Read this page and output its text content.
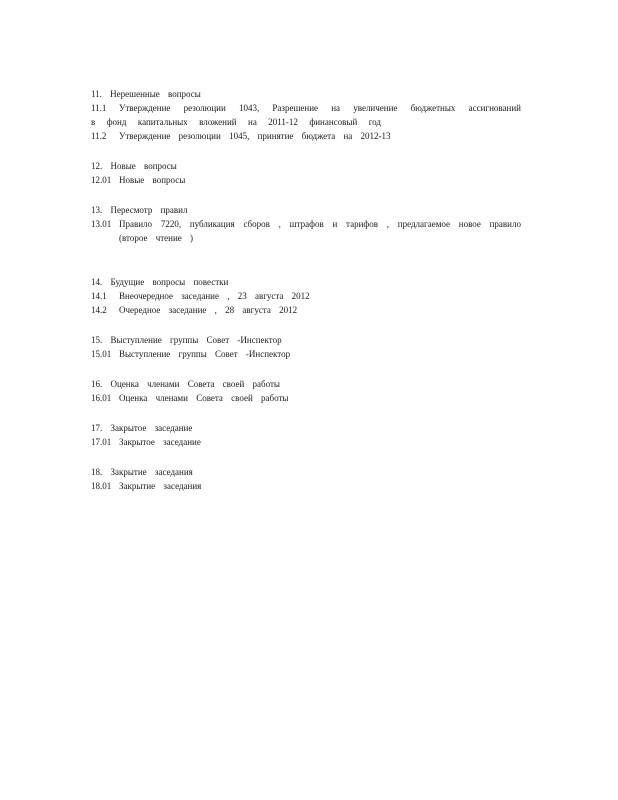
11. Нерешенные вопросы
11.1	Утверждение резолюции 1043, Разрешение на увеличение бюджетных ассигнований
в фонд капитальных вложений на 2011-12 финансовый год
11.2	Утверждение резолюции 1045, принятие бюджета на 2012-13
12. Новые вопросы
12.01 Новые вопросы
13. Пересмотр правил
13.01 Правило 7220, публикация сборов , штрафов и тарифов , предлагаемое новое правило
(второе чтение )
14. Будущие вопросы повестки
14.1	Внеочередное заседание , 23 августа 2012
14.2	Очередное заседание , 28 августа 2012
15. Выступление группы Совет -Инспектор
15.01 Выступление группы Совет -Инспектор
16. Оценка членами Совета своей работы
16.01 Оценка членами Совета своей работы
17. Закрытое заседание
17.01 Закрытое заседание
18. Закрытие заседания
18.01 Закрытие заседания
